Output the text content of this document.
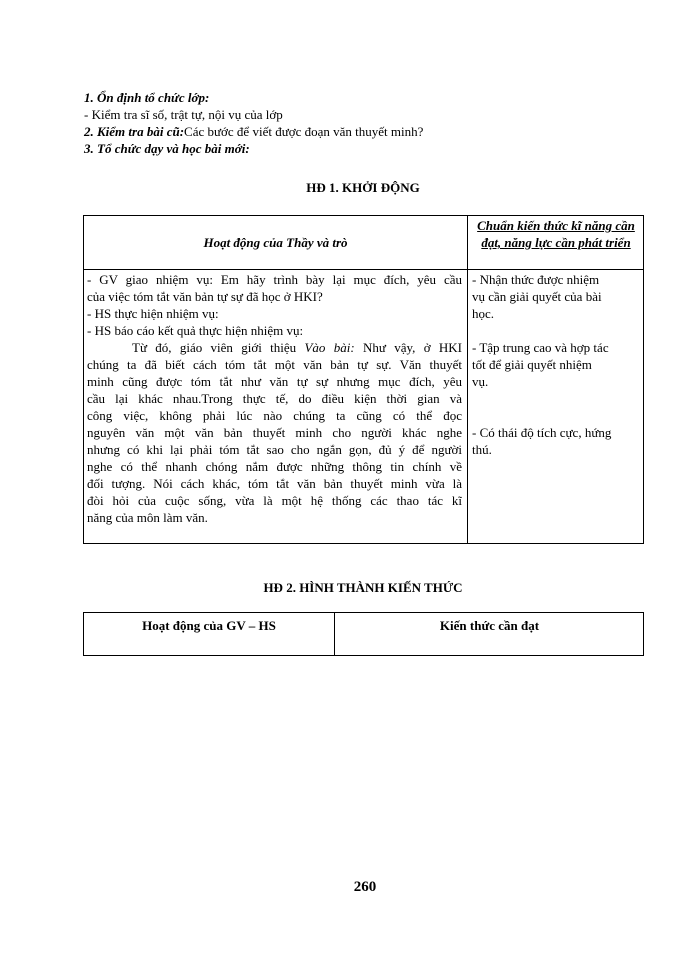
1. Ổn định tổ chức lớp:
- Kiểm tra sĩ số, trật tự, nội vụ của lớp
2. Kiểm tra bài cũ:Các bước để viết được đoạn văn thuyết minh?
3. Tổ chức dạy và học bài mới:
HĐ 1. KHỞI ĐỘNG
Hoạt động của Thầy và trò
Chuẩn kiến thức kĩ năng cần đạt, năng lực cần phát triển
- GV giao nhiệm vụ: Em hãy trình bày lại mục đích, yêu cầu
của việc tóm tắt văn bản tự sự đã học ở HKI?
- HS thực hiện nhiệm vụ:
- HS báo cáo kết quả thực hiện nhiệm vụ:
Từ đó, giáo viên giới thiệu Vào bài: Như vậy, ở HKI
chúng ta đã biết cách tóm tắt một văn bản tự sự. Văn thuyết
minh cũng được tóm tắt như văn tự sự nhưng mục đích, yêu
cầu lại khác nhau.Trong thực tế, do điều kiện thời gian và
công việc, không phải lúc nào chúng ta cũng có thể đọc
nguyên văn một văn bản thuyết minh cho người khác nghe
nhưng có khi lại phải tóm tắt sao cho ngắn gọn, đủ ý để người
nghe có thể nhanh chóng nắm được những thông tin chính về
đối tượng. Nói cách khác, tóm tắt văn bản thuyết minh vừa là
đòi hỏi của cuộc sống, vừa là một hệ thống các thao tác kĩ
năng của môn làm văn.
- Nhận thức được nhiệm
vụ cần giải quyết của bài
học.
- Tập trung cao và hợp tác
tốt để giải quyết nhiệm
vụ.
- Có thái độ tích cực, hứng
thú.
HĐ 2. HÌNH THÀNH KIẾN THỨC
Hoạt động của GV – HS	Kiến thức cần đạt
260
